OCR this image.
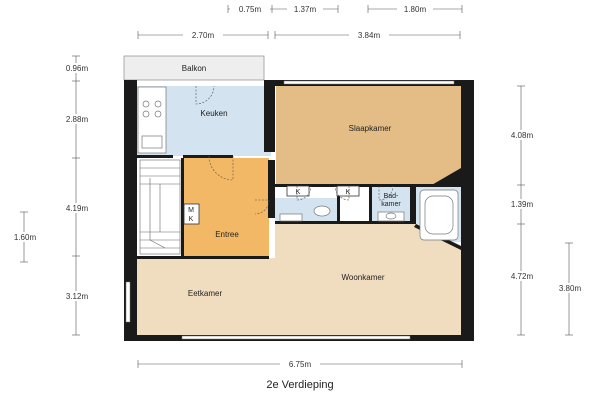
0.75m	1.37m	1.80m
2.70m	3.84m
0.96m
2.88m
4.19m
3.12m
1.60m
4.08m
1.39m
4.72m
3.80m
6.75m
M
K
K	K
Balkon
Keuken
Slaapkamer
Entree
Woonkamer
Eetkamer
Bad-
kamer
2e Verdieping
